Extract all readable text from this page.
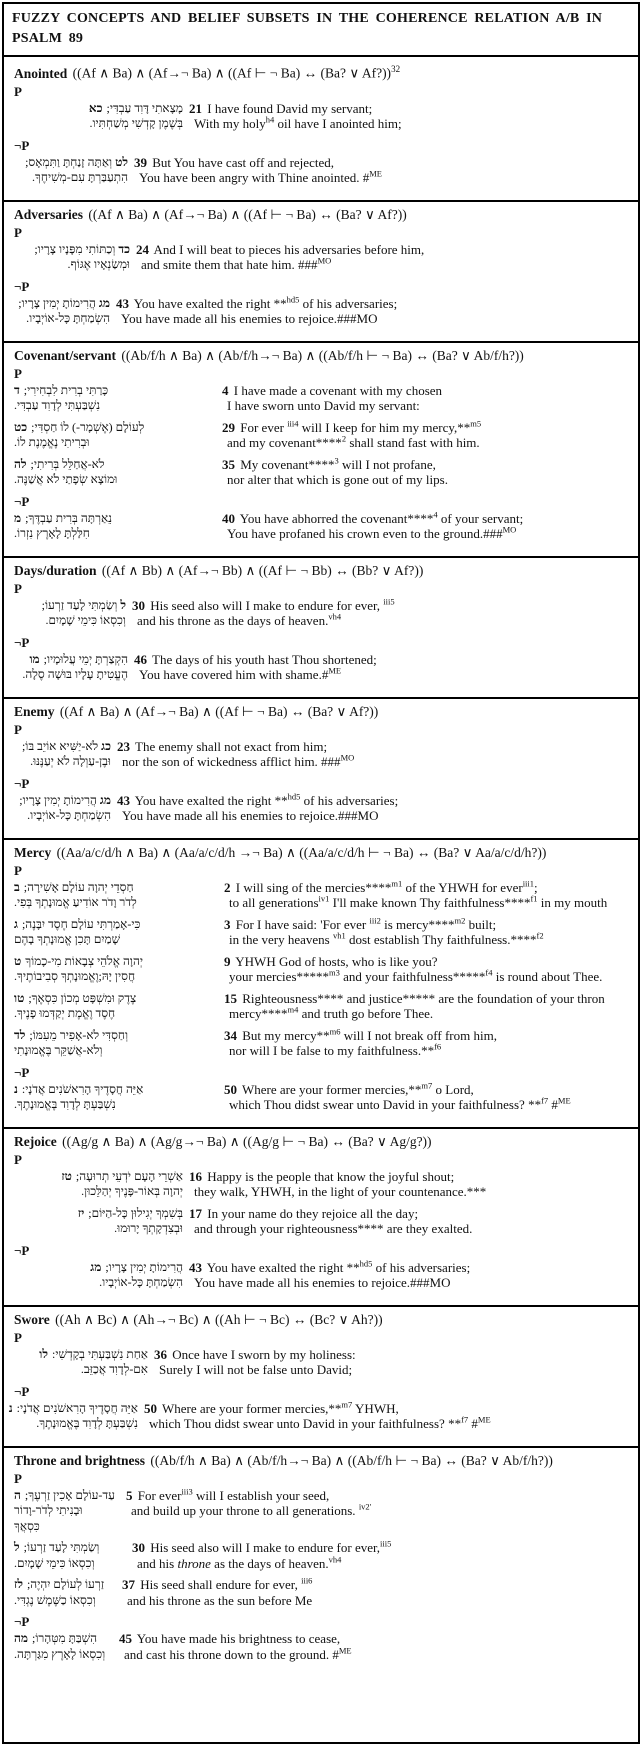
FUZZY CONCEPTS AND BELIEF SUBSETS IN THE COHERENCE RELATION A/B IN PSALM 89
Anointed ((Af ∧ Ba) ∧ (Af→¬ Ba) ∧ ((Af ⊢ ¬ Ba) ↔ (Ba? ∨ Af?))$^{32}$
P
כא מָצָאתִי דָּוִד עַבְדִּי;
בְּשֶׁמֶן קָדְשִׁי מְשַׁחְתִּיו.
21 I have found David my servant;
With my holy$^{h4}$ oil have I anointed him;
¬P
לט וְאַתָּה זָנַחְתָּ וַתִּמְאָס;
הִתְעַבַּרְתָּ עִם-מְשִׁיחֶךָ.
39 But You have cast off and rejected,
You have been angry with Thine anointed. #$^{ME}$
Adversaries ((Af ∧ Ba) ∧ (Af→¬ Ba) ∧ ((Af ⊢ ¬ Ba) ↔ (Ba? ∨ Af?))
P
כד וְכַתּוֹתִי מִפָּנָיו צָרָיו;
וּמְשַׂנְאָיו אֶגּוֹף.
24 And I will beat to pieces his adversaries before him,
and smite them that hate him. ###$^{MO}$
¬P
מג הֲרִימוֹתָ יְמִין צָרָיו;
הִשְׂמַחְתָּ כָּל-אוֹיְבָיו.
43 You have exalted the right **$^{hd5}$ of his adversaries;
You have made all his enemies to rejoice.###MO
Covenant/servant ((Ab/f/h ∧ Ba) ∧ (Ab/f/h→¬ Ba) ∧ ((Ab/f/h ⊢ ¬ Ba) ↔ (Ba? ∨ Ab/f/h?))
P
ד כָּרַתִּי בְרִית לִבְחִירִי;
נִשְׁבַּעְתִּי לְדָוִד עַבְדִּי.
4 I have made a covenant with my chosen
I have sworn unto David my servant:
כט לְעוֹלָם (אֶשְׁמָר-) לוֹ חַסְדִּי;
וּבְרִיתִי נֶאֱמֶנֶת לוֹ.
29 For ever $^{iii4}$ will I keep for him my mercy,**$^{m5}$
and my covenant****$^2$ shall stand fast with him.
לה לֹא-אֲחַלֵּל בְּרִיתִי;
וּמוֹצָא שְׂפָתַי לֹא אֲשַׁנֶּה.
35 My covenant****$^3$ will I not profane,
nor alter that which is gone out of my lips.
¬P
מ נֵאַרְתָּה בְּרִית עַבְדֶּךָ;
חִלַּלְתָּ לָאָרֶץ נִזְרוֹ.
40 You have abhorred the covenant****$^4$ of your servant;
You have profaned his crown even to the ground.###$^{MO}$
Days/duration ((Af ∧ Bb) ∧ (Af→¬ Bb) ∧ ((Af ⊢ ¬ Bb) ↔ (Bb? ∨ Af?))
P
ל וְשַׂמְתִּי לָעַד זַרְעוֹ;
וְכִסְאוֹ כִּימֵי שָׁמָיִם.
30 His seed also will I make to endure for ever, $^{iii5}$
and his throne as the days of heaven.$^{vh4}$
¬P
מו הִקְצַרְתָּ יְמֵי עֲלוּמָיו;
הֶעֱטִיתָ עָלָיו בּוּשָׁה סֶלָה.
46 The days of his youth hast Thou shortened;
You have covered him with shame.#$^{ME}$
Enemy ((Af ∧ Ba) ∧ (Af→¬ Ba) ∧ ((Af ⊢ ¬ Ba) ↔ (Ba? ∨ Af?))
P
כג לֹא-יַשִּׁיא אוֹיֵב בּוֹ;
וּבֶן-עַוְלָה לֹא יְעַנֶּנּוּ.
23 The enemy shall not exact from him;
nor the son of wickedness afflict him. ###$^{MO}$
¬P
מג הֲרִימוֹתָ יְמִין צָרָיו;
הִשְׂמַחְתָּ כָּל-אוֹיְבָיו.
43 You have exalted the right **$^{hd5}$ of his adversaries;
You have made all his enemies to rejoice.###MO
Mercy ((Aa/a/c/d/h ∧ Ba) ∧ (Aa/a/c/d/h →¬ Ba) ∧ ((Aa/a/c/d/h ⊢ ¬ Ba) ↔ (Ba? ∨ Aa/a/c/d/h?))
P
ב חַסְדֵי יְהוָה עוֹלָם אָשִׁירָה;
לְדֹר וָדֹר אוֹדִיעַ אֱמוּנָתְךָ בְּפִי.
2 I will sing of the mercies****$^{m1}$ of the YHWH for ever$^{iii1}$;
to all generations$^{iv1}$ I'll make known Thy faithfulness****$^{f1}$ in my mouth
ג כִּי-אָמַרְתִּי עוֹלָם חֶסֶד יִבָּנֶה;
שָׁמַיִם תָּכִן אֱמוּנָתְךָ בָהֶם
3 For I have said: 'For ever $^{iii2}$ is mercy****$^{m2}$ built;
in the very heavens $^{vh1}$ dost establish Thy faithfulness.****$^{f2}$
ט יְהוָה אֱלֹהֵי צְבָאוֹת מִי-כָמוֹךָ
חֲסִין יָהּ;וֶאֱמוּנָתְךָ סְבִיבוֹתֶיךָ.
9 YHWH God of hosts, who is like you?
your mercies*****$^{m3}$ and your faithfulness*****$^{f4}$ is round about Thee.
טו צֶדֶק וּמִשְׁפָּט מְכוֹן כִּסְאֶךָ;
חֶסֶד וֶאֱמֶת יְקַדְּמוּ פָנֶיךָ.
15 Righteousness**** and justice***** are the foundation of your thron
mercy****$^{m4}$ and truth go before Thee.
לד וְחַסְדִּי לֹא-אָפִיר מֵעִמּוֹ;
וְלֹא-אֲשַׁקֵּר בֶּאֱמוּנָתִי
34 But my mercy**$^{m6}$ will I not break off from him,
nor will I be false to my faithfulness.**$^{f6}$
¬P
נ אַיֵּה חֲסָדֶיךָ הָרִאשֹׁנִים אֲדֹנָי:
נִשְׁבַּעְתָּ לְדָוִד בֶּאֱמוּנָתֶךָ.
50 Where are your former mercies,**$^{m7}$ o Lord,
which Thou didst swear unto David in your faithfulness? **$^{f7}$ #$^{ME}$
Rejoice ((Ag/g ∧ Ba) ∧ (Ag/g→¬ Ba) ∧ ((Ag/g ⊢ ¬ Ba) ↔ (Ba? ∨ Ag/g?))
P
טז אַשְׁרֵי הָעָם יֹדְעֵי תְרוּעָה;
יְהוָה בְּאוֹר-פָּנֶיךָ יְהַלֵּכוּן.
16 Happy is the people that know the joyful shout;
they walk, YHWH, in the light of your countenance.***
יז בְּשִׁמְךָ יְגִילוּן כָּל-הַיּוֹם;
וּבְצִדְקָתְךָ יָרוּמוּ.
17 In your name do they rejoice all the day;
and through your righteousness**** are they exalted.
¬P
מג הֲרִימוֹתָ יְמִין צָרָיו;
הִשְׂמַחְתָּ כָּל-אוֹיְבָיו.
43 You have exalted the right **$^{hd5}$ of his adversaries;
You have made all his enemies to rejoice.###MO
Swore ((Ah ∧ Bc) ∧ (Ah→¬ Bc) ∧ ((Ah ⊢ ¬ Bc) ↔ (Bc? ∨ Ah?))
P
לו אַחַת נִשְׁבַּעְתִּי בְקָדְשִׁי:
אִם-לְדָוִד אֲכַזֵּב.
36 Once have I sworn by my holiness:
Surely I will not be false unto David;
¬P
נ אַיֵּה חֲסָדֶיךָ הָרִאשֹׁנִים אֲדֹנָי:
נִשְׁבַּעְתָּ לְדָוִד בֶּאֱמוּנָתֶךָ.
50 Where are your former mercies,**$^{m7}$ YHWH,
which Thou didst swear unto David in your faithfulness? **$^{f7}$ #$^{ME}$
Throne and brightness ((Ab/f/h ∧ Ba) ∧ (Ab/f/h→¬ Ba) ∧ ((Ab/f/h ⊢ ¬ Ba) ↔ (Ba? ∨ Ab/f/h?))
P
ה עַד-עוֹלָם אָכִין זַרְעֶךָ;
וּבָנִיתִי לְדֹר-וָדוֹר
כִּסְאֲךָ
5 For ever$^{iii3}$ will I establish your seed,
and build up your throne to all generations. $^{iv2'}$
ל וְשַׂמְתִּי לָעַד זַרְעוֹ;
וְכִסְאוֹ כִּימֵי שָׁמָיִם.
30 His seed also will I make to endure for ever,$^{iii5}$
and his throne as the days of heaven.$^{vh4}$
לז זַרְעוֹ לְעוֹלָם יִהְיֶה;
וְכִסְאוֹ כַשֶּׁמֶשׁ נֶגְדִּי.
37 His seed shall endure for ever, $^{iii6}$
and his throne as the sun before Me
¬P
מה הִשְׁבַּתָּ מִטְּהָרוֹ;
וְכִסְאוֹ לָאָרֶץ מִגַּרְתָּה.
45 You have made his brightness to cease,
and cast his throne down to the ground. #$^{ME}$
